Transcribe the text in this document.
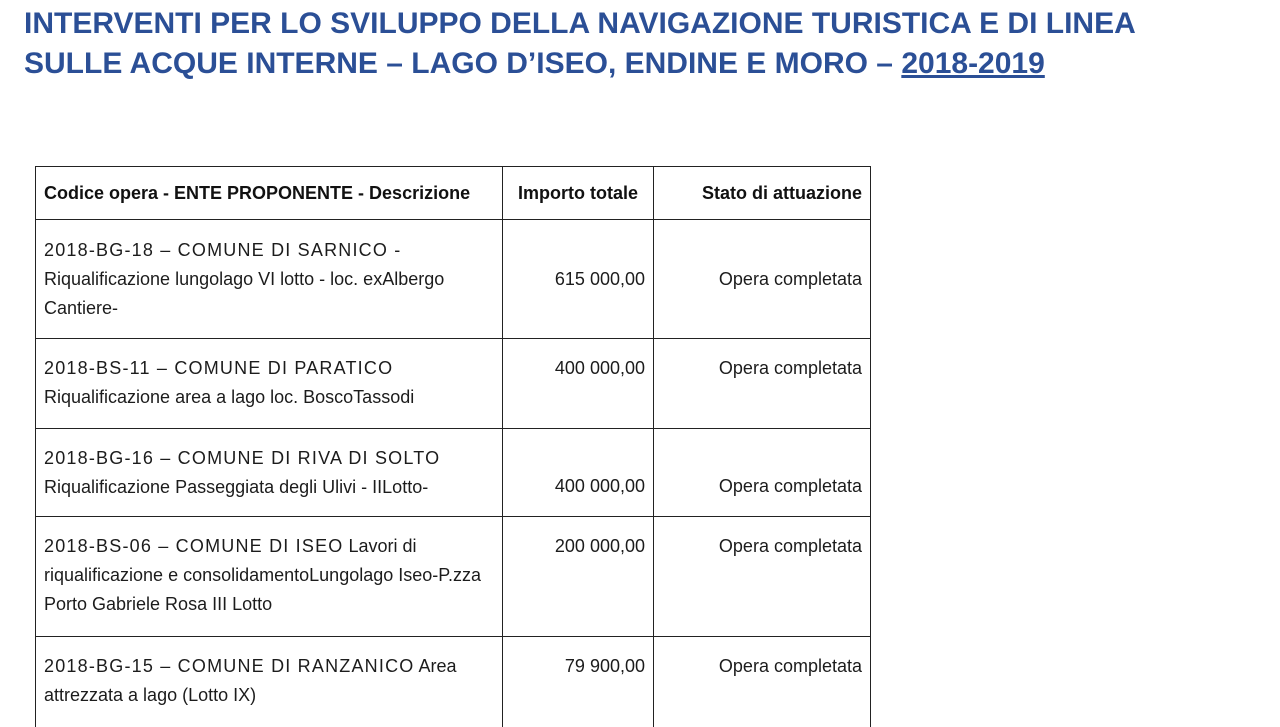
INTERVENTI PER LO SVILUPPO DELLA NAVIGAZIONE TURISTICA E DI LINEA
SULLE ACQUE INTERNE – LAGO D’ISEO, ENDINE E MORO – 2018-2019
Codice opera - ENTE PROPONENTE - Descrizione	Importo totale	Stato di attuazione
2018-BG-18 – COMUNE DI SARNICO - Riqualificazione lungolago VI lotto - loc. exAlbergo Cantiere-	615 000,00	Opera completata
2018-BS-11 – COMUNE DI PARATICO Riqualificazione area a lago loc. BoscoTassodi	400 000,00	Opera completata
2018-BG-16 – COMUNE DI RIVA DI SOLTO Riqualificazione Passeggiata degli Ulivi - IILotto-	400 000,00	Opera completata
2018-BS-06 – COMUNE DI ISEO Lavori di riqualificazione e consolidamentoLungolago Iseo-P.zza Porto Gabriele Rosa III Lotto	200 000,00	Opera completata
2018-BG-15 – COMUNE DI RANZANICO Area attrezzata a lago (Lotto IX)	79 900,00	Opera completata
